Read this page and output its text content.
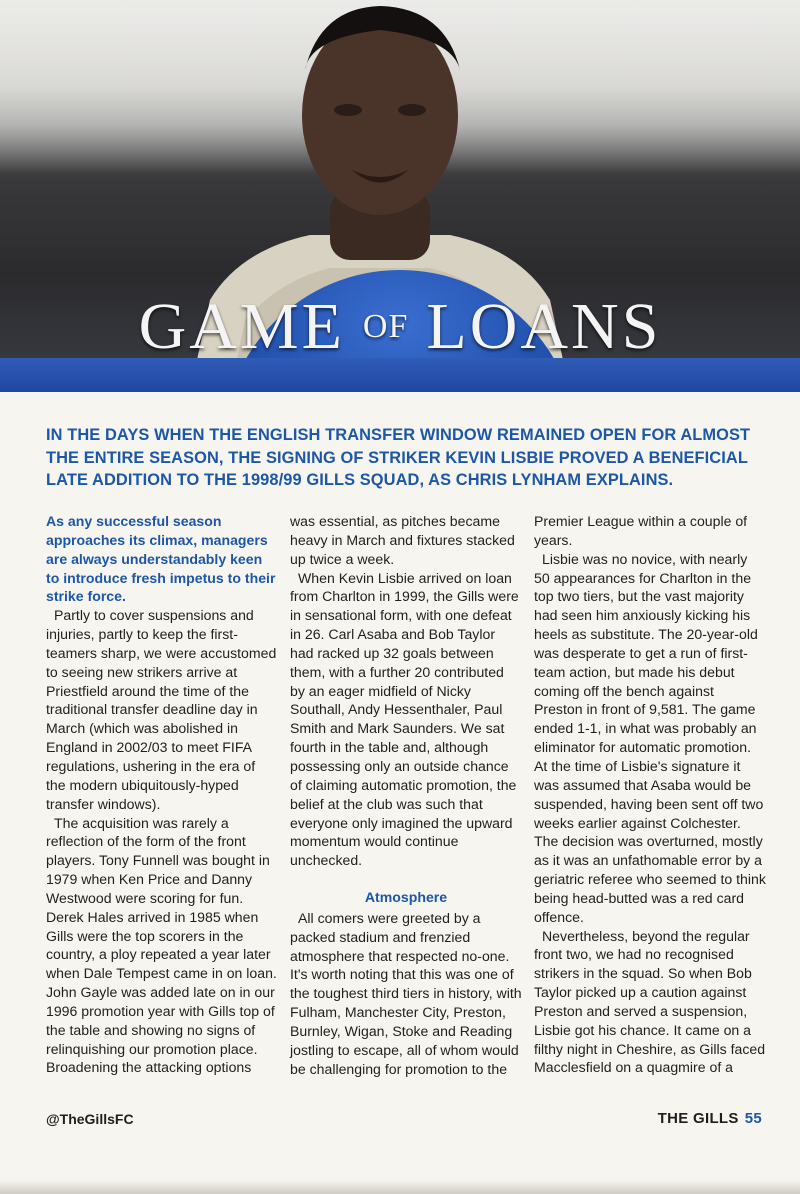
GAME OF LOANS
IN THE DAYS WHEN THE ENGLISH TRANSFER WINDOW REMAINED OPEN FOR ALMOST THE ENTIRE SEASON, THE SIGNING OF STRIKER KEVIN LISBIE PROVED A BENEFICIAL LATE ADDITION TO THE 1998/99 GILLS SQUAD, AS CHRIS LYNHAM EXPLAINS.

As any successful season approaches its climax, managers are always understandably keen to introduce fresh impetus to their strike force.

Partly to cover suspensions and injuries, partly to keep the first-teamers sharp, we were accustomed to seeing new strikers arrive at Priestfield around the time of the traditional transfer deadline day in March (which was abolished in England in 2002/03 to meet FIFA regulations, ushering in the era of the modern ubiquitously-hyped transfer windows).

The acquisition was rarely a reflection of the form of the front players. Tony Funnell was bought in 1979 when Ken Price and Danny Westwood were scoring for fun. Derek Hales arrived in 1985 when Gills were the top scorers in the country, a ploy repeated a year later when Dale Tempest came in on loan. John Gayle was added late on in our 1996 promotion year with Gills top of the table and showing no signs of relinquishing our promotion place. Broadening the attacking options

was essential, as pitches became heavy in March and fixtures stacked up twice a week.

When Kevin Lisbie arrived on loan from Charlton in 1999, the Gills were in sensational form, with one defeat in 26. Carl Asaba and Bob Taylor had racked up 32 goals between them, with a further 20 contributed by an eager midfield of Nicky Southall, Andy Hessenthaler, Paul Smith and Mark Saunders. We sat fourth in the table and, although possessing only an outside chance of claiming automatic promotion, the belief at the club was such that everyone only imagined the upward momentum would continue unchecked.

Atmosphere

All comers were greeted by a packed stadium and frenzied atmosphere that respected no-one. It's worth noting that this was one of the toughest third tiers in history, with Fulham, Manchester City, Preston, Burnley, Wigan, Stoke and Reading jostling to escape, all of whom would be challenging for promotion to the

Premier League within a couple of years.

Lisbie was no novice, with nearly 50 appearances for Charlton in the top two tiers, but the vast majority had seen him anxiously kicking his heels as substitute. The 20-year-old was desperate to get a run of first-team action, but made his debut coming off the bench against Preston in front of 9,581. The game ended 1-1, in what was probably an eliminator for automatic promotion. At the time of Lisbie's signature it was assumed that Asaba would be suspended, having been sent off two weeks earlier against Colchester. The decision was overturned, mostly as it was an unfathomable error by a geriatric referee who seemed to think being head-butted was a red card offence.

Nevertheless, beyond the regular front two, we had no recognised strikers in the squad. So when Bob Taylor picked up a caution against Preston and served a suspension, Lisbie got his chance. It came on a filthy night in Cheshire, as Gills faced Macclesfield on a quagmire of a

@TheGillsFC	THE GILLS 55
